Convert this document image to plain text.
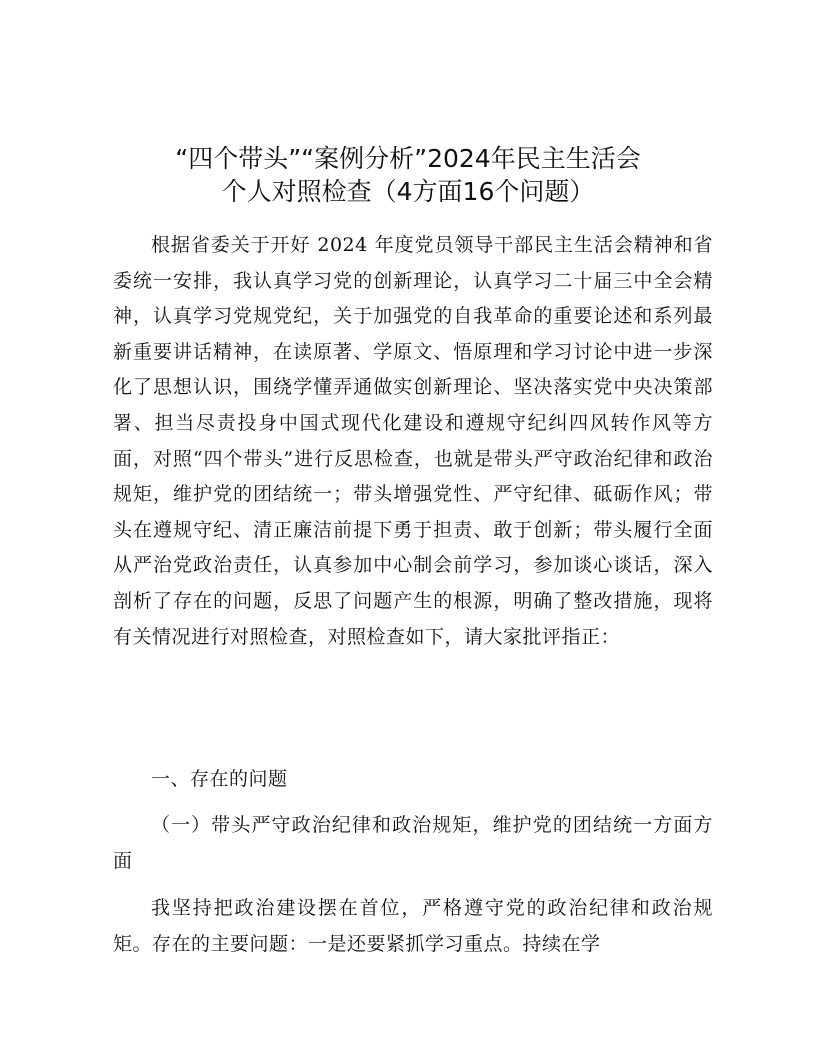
“四个带头”“案例分析”2024年民主生活会
个人对照检查（4方面16个问题）

根据省委关于开好 2024 年度党员领导干部民主生活会精神和省委统一安排，我认真学习党的创新理论，认真学习二十届三中全会精神，认真学习党规党纪，关于加强党的自我革命的重要论述和系列最新重要讲话精神，在读原著、学原文、悟原理和学习讨论中进一步深化了思想认识，围绕学懂弄通做实创新理论、坚决落实党中央决策部署、担当尽责投身中国式现代化建设和遵规守纪纠四风转作风等方面，对照“四个带头”进行反思检查，也就是带头严守政治纪律和政治规矩，维护党的团结统一；带头增强党性、严守纪律、砥砺作风；带头在遵规守纪、清正廉洁前提下勇于担责、敢于创新；带头履行全面从严治党政治责任，认真参加中心制会前学习，参加谈心谈话，深入剖析了存在的问题，反思了问题产生的根源，明确了整改措施，现将有关情况进行对照检查，对照检查如下，请大家批评指正：

一、存在的问题

（一）带头严守政治纪律和政治规矩，维护党的团结统一方面方面

我坚持把政治建设摆在首位，严格遵守党的政治纪律和政治规矩。存在的主要问题：一是还要紧抓学习重点。持续在学
